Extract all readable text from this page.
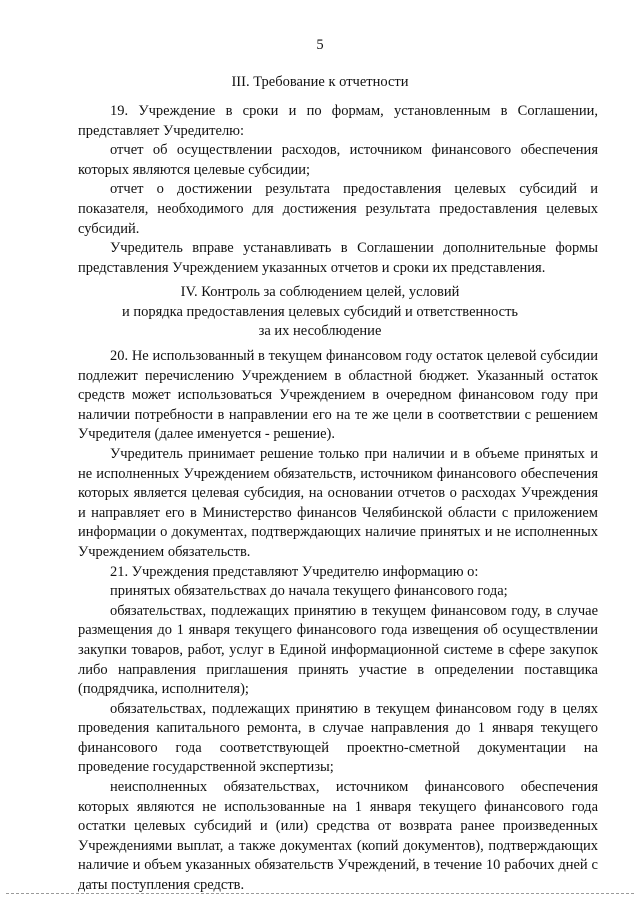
5
III. Требование к отчетности

19. Учреждение в сроки и по формам, установленным в Соглашении, представляет Учредителю:

отчет об осуществлении расходов, источником финансового обеспечения которых являются целевые субсидии;

отчет о достижении результата предоставления целевых субсидий и показателя, необходимого для достижения результата предоставления целевых субсидий.

Учредитель вправе устанавливать в Соглашении дополнительные формы представления Учреждением указанных отчетов и сроки их представления.

IV. Контроль за соблюдением целей, условий
и порядка предоставления целевых субсидий и ответственность
за их несоблюдение

20. Не использованный в текущем финансовом году остаток целевой субсидии подлежит перечислению Учреждением в областной бюджет. Указанный остаток средств может использоваться Учреждением в очередном финансовом году при наличии потребности в направлении его на те же цели в соответствии с решением Учредителя (далее именуется - решение).

Учредитель принимает решение только при наличии и в объеме принятых и не исполненных Учреждением обязательств, источником финансового обеспечения которых является целевая субсидия, на основании отчетов о расходах Учреждения и направляет его в Министерство финансов Челябинской области с приложением информации о документах, подтверждающих наличие принятых и не исполненных Учреждением обязательств.

21. Учреждения представляют Учредителю информацию о:

принятых обязательствах до начала текущего финансового года;

обязательствах, подлежащих принятию в текущем финансовом году, в случае размещения до 1 января текущего финансового года извещения об осуществлении закупки товаров, работ, услуг в Единой информационной системе в сфере закупок либо направления приглашения принять участие в определении поставщика (подрядчика, исполнителя);

обязательствах, подлежащих принятию в текущем финансовом году в целях проведения капитального ремонта, в случае направления до 1 января текущего финансового года соответствующей проектно-сметной документации на проведение государственной экспертизы;

неисполненных обязательствах, источником финансового обеспечения которых являются не использованные на 1 января текущего финансового года остатки целевых субсидий и (или) средства от возврата ранее произведенных Учреждениями выплат, а также документах (копий документов), подтверждающих наличие и объем указанных обязательств Учреждений, в течение 10 рабочих дней с даты поступления средств.
